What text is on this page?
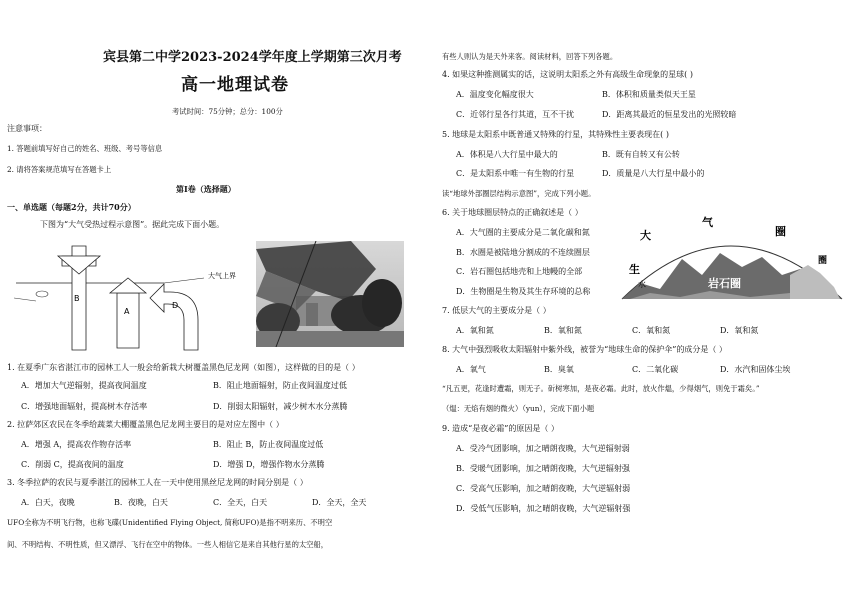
宾县第二中学2023-2024学年度上学期第三次月考
高一地理试卷
考试时间：75分钟；总分：100分
注意事项：
1. 答题前填写好自己的姓名、班级、考号等信息
2. 请将答案规范填写在答题卡上
第Ⅰ卷（选择题）
一、单选题（每题2分，共计70分）
下图为“大气受热过程示意图”。据此完成下面小题。
大气上界
B
A
D
1. 在夏季广东省湛江市的园林工人一般会给新栽大树覆盖黑色尼龙网（如图），这样做的目的是（ ）
A．增加大气逆辐射，提高夜间温度	B．阻止地面辐射，防止夜间温度过低
C．增强地面辐射，提高树木存活率	D．削弱太阳辐射，减少树木水分蒸腾
2. 拉萨郊区农民在冬季给蔬菜大棚覆盖黑色尼龙网主要目的是对应左图中（ ）
A．增强 A，提高农作物存活率	B．阻止 B，防止夜间温度过低
C．削弱 C，提高夜间的温度	D．增强 D，增强作物水分蒸腾
3. 冬季拉萨的农民与夏季湛江的园林工人在一天中使用黑丝尼龙网的时间分别是（ ）
A．白天，夜晚	B．夜晚，白天	C．全天，白天	D．全天，全天
UFO全称为不明飞行物，也称飞碟(Unidentified Flying Object, 简称UFO)是指不明来历、不明空
间、不明结构、不明性质，但又漂浮、飞行在空中的物体。一些人相信它是来自其他行星的太空船，
有些人则认为是天外来客。阅读材料，回答下列各题。
4. 如果这种推测属实的话，这说明太阳系之外有高级生命现象的星球( )
A．温度变化幅度很大	B．体积和质量类似天王星
C．近邻行星各行其道，互不干扰	D．距离其最近的恒星发出的光照较暗
5. 地球是太阳系中既普通又特殊的行星，其特殊性主要表现在( )
A．体积是八大行星中最大的	B．既有自转又有公转
C．是太阳系中唯一有生物的行星	D．质量是八大行星中最小的
读“地球外部圈层结构示意图”，完成下列小题。
6. 关于地球圈层特点的正确叙述是（ ）
A．大气圈的主要成分是二氧化碳和氮
B．水圈是被陆地分割成的不连续圈层
C．岩石圈包括地壳和上地幔的全部
D．生物圈是生物及其生存环境的总称
大
气
圈
生
水
圈
岩石圈
7. 低层大气的主要成分是（ ）
A．氧和氮	B．氧和氮	C．氧和氮	D．氧和氮
8. 大气中强烈吸收太阳辐射中紫外线，被誉为“地球生命的保护伞”的成分是（ ）
A．氧气	B．臭氧	C．二氧化碳	D．水汽和固体尘埃
“凡五更，花逢时遭霜，则无子。斫树寒加，是夜必霜。此时，放火作煴，少得烟气，则免于霜矣。”
（煴：无焰有烟的微火）（yun），完成下面小题
9. 造成“是夜必霜”的原因是（ ）
A．受冷气团影响，加之晴朗夜晚，大气逆辐射弱
B．受暖气团影响，加之晴朗夜晚，大气逆辐射强
C．受高气压影响，加之晴朗夜晚，大气逆辐射弱
D．受低气压影响，加之晴朗夜晚，大气逆辐射强
